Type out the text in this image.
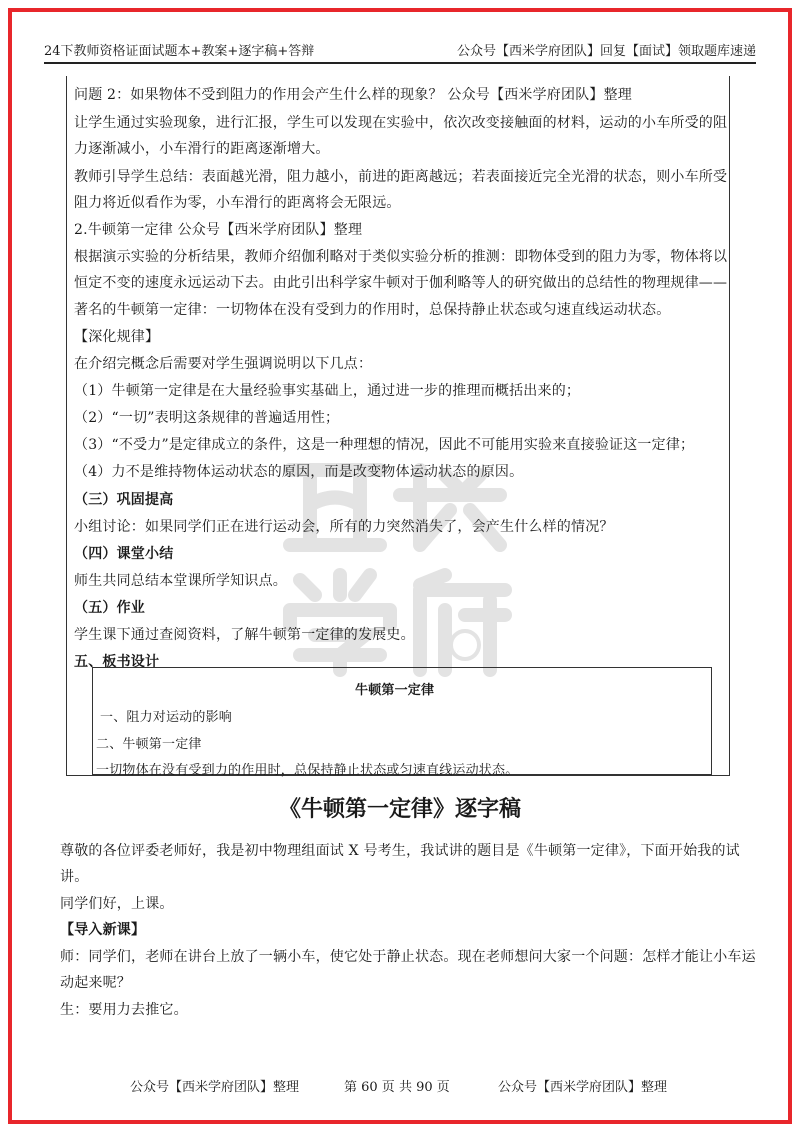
24下教师资格证面试题本+教案+逐字稿+答辩	公众号【西米学府团队】回复【面试】领取题库速递
问题 2：如果物体不受到阻力的作用会产生什么样的现象？ 公众号【西米学府团队】整理
让学生通过实验现象，进行汇报，学生可以发现在实验中，依次改变接触面的材料，运动的小车所受的阻
力逐渐减小，小车滑行的距离逐渐增大。
教师引导学生总结：表面越光滑，阻力越小，前进的距离越远；若表面接近完全光滑的状态，则小车所受
阻力将近似看作为零，小车滑行的距离将会无限远。
2.牛顿第一定律 公众号【西米学府团队】整理
根据演示实验的分析结果，教师介绍伽利略对于类似实验分析的推测：即物体受到的阻力为零，物体将以
恒定不变的速度永远运动下去。由此引出科学家牛顿对于伽利略等人的研究做出的总结性的物理规律——
著名的牛顿第一定律：一切物体在没有受到力的作用时，总保持静止状态或匀速直线运动状态。
【深化规律】
在介绍完概念后需要对学生强调说明以下几点：
（1）牛顿第一定律是在大量经验事实基础上，通过进一步的推理而概括出来的；
（2）“一切”表明这条规律的普遍适用性；
（3）“不受力”是定律成立的条件，这是一种理想的情况，因此不可能用实验来直接验证这一定律；
（4）力不是维持物体运动状态的原因，而是改变物体运动状态的原因。
（三）巩固提高
小组讨论：如果同学们正在进行运动会，所有的力突然消失了，会产生什么样的情况？
（四）课堂小结
师生共同总结本堂课所学知识点。
（五）作业
学生课下通过查阅资料，了解牛顿第一定律的发展史。
五、板书设计
牛顿第一定律
一、阻力对运动的影响
二、牛顿第一定律
一切物体在没有受到力的作用时，总保持静止状态或匀速直线运动状态。
《牛顿第一定律》逐字稿
尊敬的各位评委老师好，我是初中物理组面试 X 号考生，我试讲的题目是《牛顿第一定律》，下面开始我的试
讲。
同学们好，上课。
【导入新课】
师：同学们，老师在讲台上放了一辆小车，使它处于静止状态。现在老师想问大家一个问题：怎样才能让小车运
动起来呢？
生：要用力去推它。
公众号【西米学府团队】整理	第 60 页 共 90 页	公众号【西米学府团队】整理
